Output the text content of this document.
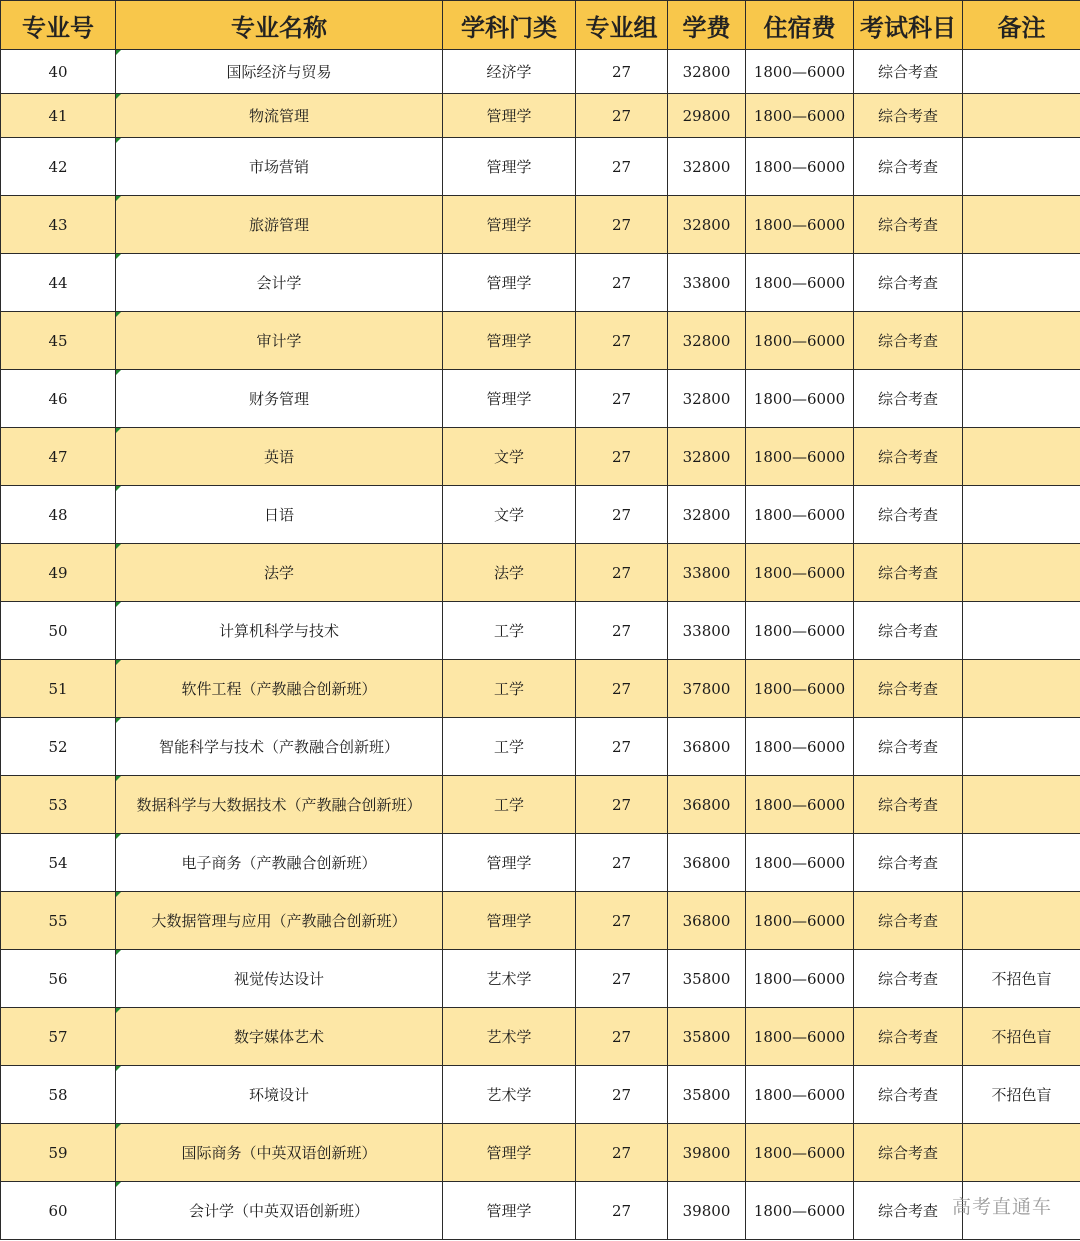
专业号	专业名称	学科门类	专业组	学费	住宿费	考试科目	备注
40	国际经济与贸易	经济学	27	32800	1800—6000	综合考查	
41	物流管理	管理学	27	29800	1800—6000	综合考查	
42	市场营销	管理学	27	32800	1800—6000	综合考查	
43	旅游管理	管理学	27	32800	1800—6000	综合考查	
44	会计学	管理学	27	33800	1800—6000	综合考查	
45	审计学	管理学	27	32800	1800—6000	综合考查	
46	财务管理	管理学	27	32800	1800—6000	综合考查	
47	英语	文学	27	32800	1800—6000	综合考查	
48	日语	文学	27	32800	1800—6000	综合考查	
49	法学	法学	27	33800	1800—6000	综合考查	
50	计算机科学与技术	工学	27	33800	1800—6000	综合考查	
51	软件工程（产教融合创新班）	工学	27	37800	1800—6000	综合考查	
52	智能科学与技术（产教融合创新班）	工学	27	36800	1800—6000	综合考查	
53	数据科学与大数据技术（产教融合创新班）	工学	27	36800	1800—6000	综合考查	
54	电子商务（产教融合创新班）	管理学	27	36800	1800—6000	综合考查	
55	大数据管理与应用（产教融合创新班）	管理学	27	36800	1800—6000	综合考查	
56	视觉传达设计	艺术学	27	35800	1800—6000	综合考查	不招色盲
57	数字媒体艺术	艺术学	27	35800	1800—6000	综合考查	不招色盲
58	环境设计	艺术学	27	35800	1800—6000	综合考查	不招色盲
59	国际商务（中英双语创新班）	管理学	27	39800	1800—6000	综合考查	
60	会计学（中英双语创新班）	管理学	27	39800	1800—6000	综合考查	高考直通车
